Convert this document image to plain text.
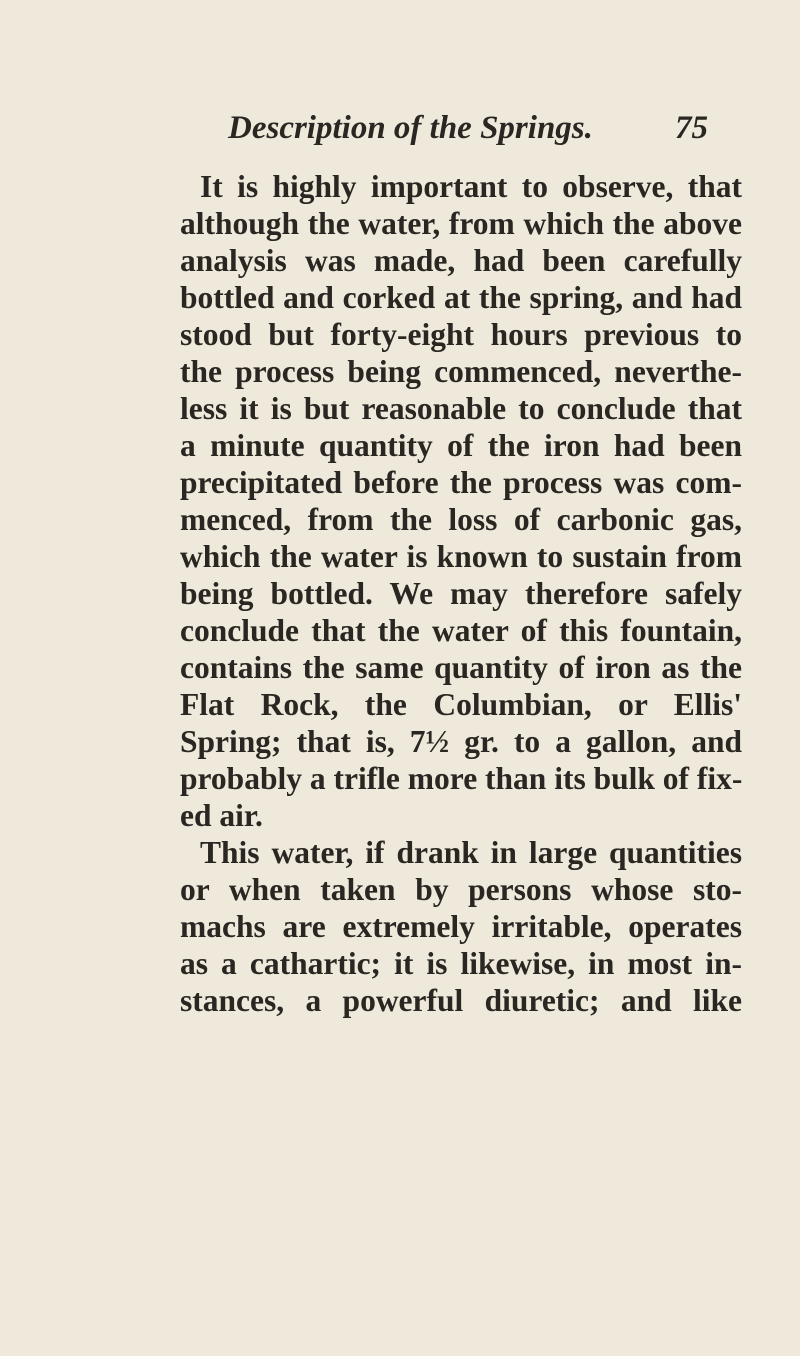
Description of the Springs. 75
It is highly important to observe, that
although the water, from which the above
analysis was made, had been carefully
bottled and corked at the spring, and had
stood but forty-eight hours previous to
the process being commenced, neverthe-
less it is but reasonable to conclude that
a minute quantity of the iron had been
precipitated before the process was com-
menced, from the loss of carbonic gas,
which the water is known to sustain from
being bottled. We may therefore safely
conclude that the water of this fountain,
contains the same quantity of iron as the
Flat Rock, the Columbian, or Ellis'
Spring; that is, 7½ gr. to a gallon, and
probably a trifle more than its bulk of fix-
ed air.
This water, if drank in large quantities
or when taken by persons whose sto-
machs are extremely irritable, operates
as a cathartic; it is likewise, in most in-
stances, a powerful diuretic; and like
